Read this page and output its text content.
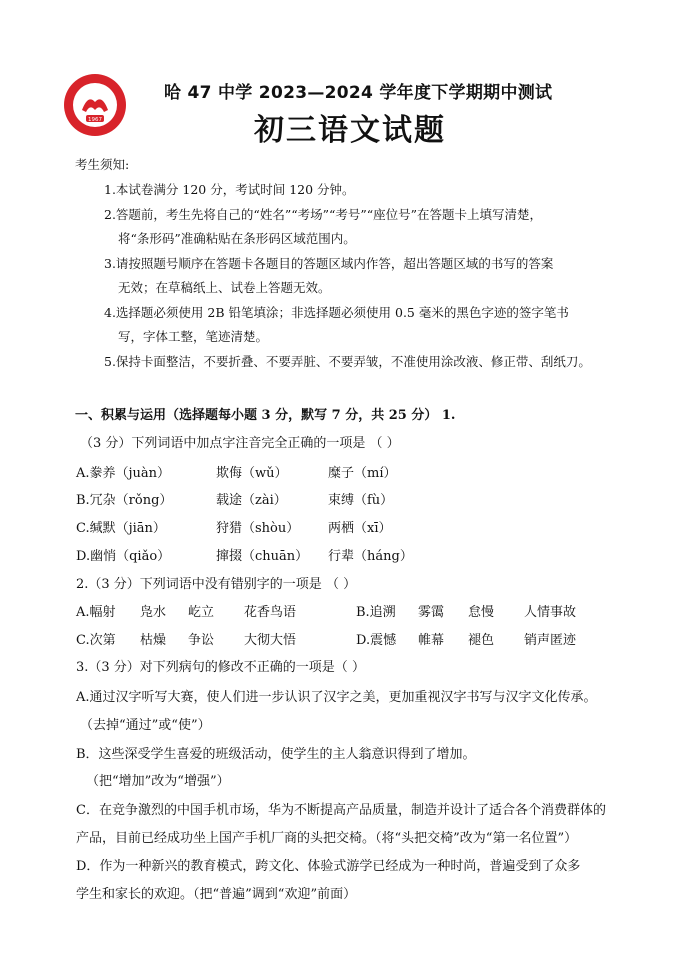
1967
哈 47 中学 2023—2024 学年度下学期期中测试
初三语文试题
考生须知:
1.本试卷满分 120 分，考试时间 120 分钟。
2.答题前，考生先将自己的“姓名”“考场”“考号”“座位号”在答题卡上填写清楚，
将“条形码”准确粘贴在条形码区域范围内。
3.请按照题号顺序在答题卡各题目的答题区域内作答，超出答题区域的书写的答案
无效；在草稿纸上、试卷上答题无效。
4.选择题必须使用 2B 铅笔填涂；非选择题必须使用 0.5 毫米的黑色字迹的签字笔书
写，字体工整，笔迹清楚。
5.保持卡面整洁，不要折叠、不要弄脏、不要弄皱，不准使用涂改液、修正带、刮纸刀。
一、积累与运用（选择题每小题 3 分，默写 7 分，共 25 分） 1.
（3 分）下列词语中加点字注音完全正确的一项是 （ ）
A.豢养（juàn）	欺侮（wǔ）	糜子（mí）
B.冗杂（rǒng）	载途（zài）	束缚（fù）
C.缄默（jiān）	狩猎（shòu） 两栖（xī）
D.幽悄（qiǎo）	撺掇（chuān） 行辈（háng）
2.（3 分）下列词语中没有错别字的一项是 （ ）
A.幅射 凫水 屹立 花香鸟语	B.追溯 雾霭 怠慢 人情事故
C.次第 枯燥 争讼 大彻大悟	D.震憾 帷幕 褪色 销声匿迹
3.（3 分）对下列病句的修改不正确的一项是（ ）
A.通过汉字听写大赛，使人们进一步认识了汉字之美，更加重视汉字书写与汉字文化传承。
（去掉“通过”或“使”）
B．这些深受学生喜爱的班级活动，使学生的主人翁意识得到了增加。
（把“增加”改为“增强”）
C．在竞争激烈的中国手机市场，华为不断提高产品质量，制造并设计了适合各个消费群体的
产品，目前已经成功坐上国产手机厂商的头把交椅。（将“头把交椅”改为“第一名位置”）
D．作为一种新兴的教育模式，跨文化、体验式游学已经成为一种时尚，普遍受到了众多
学生和家长的欢迎。（把“普遍”调到“欢迎”前面）
